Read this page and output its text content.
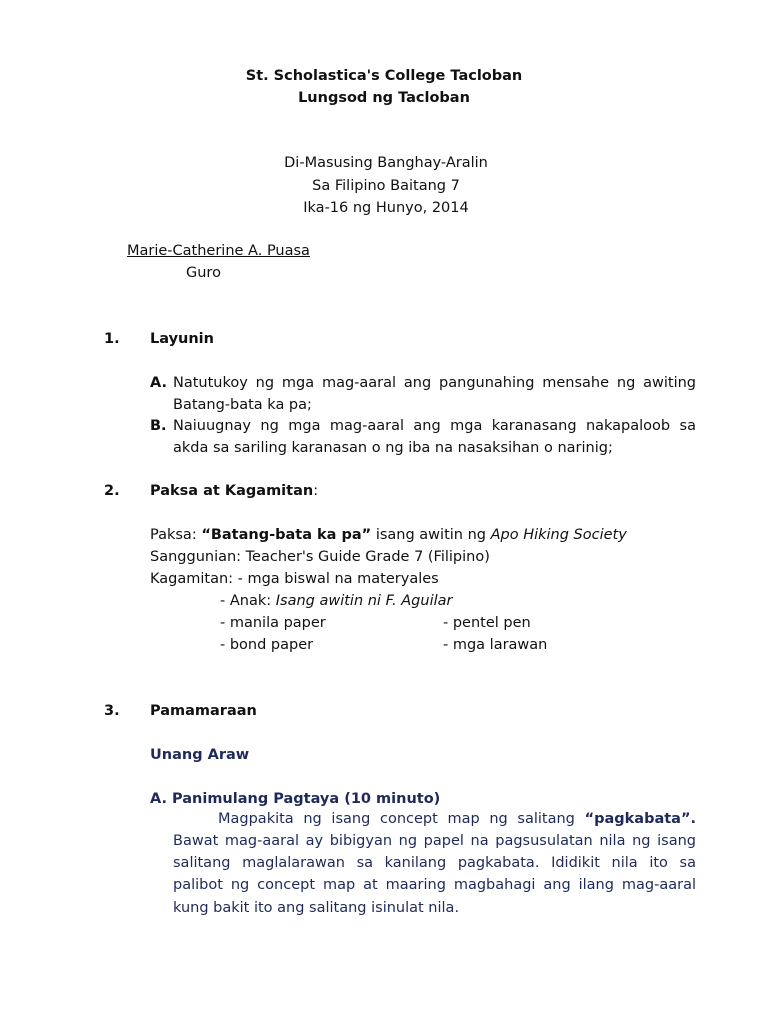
St. Scholastica's College Tacloban
Lungsod ng Tacloban
Di-Masusing Banghay-Aralin
Sa Filipino Baitang 7
Ika-16 ng Hunyo, 2014
Marie-Catherine A. Puasa
Guro
1. Layunin
A. Natutukoy ng mga mag-aaral ang pangunahing mensahe ng awiting
Batang-bata ka pa;
B. Naiuugnay ng mga mag-aaral ang mga karanasang nakapaloob sa
akda sa sariling karanasan o ng iba na nasaksihan o narinig;
2. Paksa at Kagamitan:
Paksa: “Batang-bata ka pa” isang awitin ng Apo Hiking Society
Sanggunian: Teacher's Guide Grade 7 (Filipino)
Kagamitan: - mga biswal na materyales
- Anak: Isang awitin ni F. Aguilar
- manila paper	- pentel pen
- bond paper	- mga larawan
3. Pamamaraan
Unang Araw
A. Panimulang Pagtaya (10 minuto)
Magpakita ng isang concept map ng salitang “pagkabata”.
Bawat mag-aaral ay bibigyan ng papel na pagsusulatan nila ng isang
salitang maglalarawan sa kanilang pagkabata. Ididikit nila ito sa
palibot ng concept map at maaring magbahagi ang ilang mag-aaral
kung bakit ito ang salitang isinulat nila.
